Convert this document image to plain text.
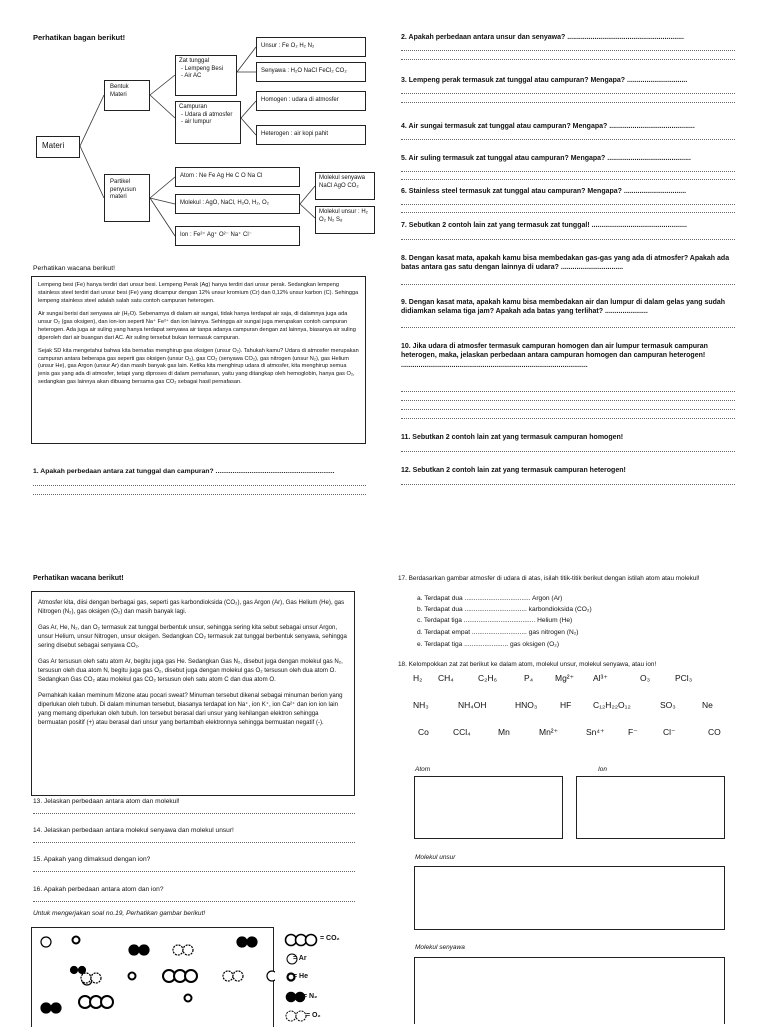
Perhatikan bagan berikut!
Materi
Bentuk Materi
Zat tunggal
- Lempeng Besi
- Air AC
Campuran
- Udara di atmosfer
- air lumpur
Unsur : Fe O₂ H₂ N₂
Senyawa : H₂O NaCl FeCl₂ CO₂
Homogen : udara di atmosfer
Heterogen : air kopi pahit
Partikel penyusun materi
Atom : Ne Fe Ag He C O Na Cl
Molekul : AgO, NaCl, H₂O, H₂, O₂
Ion : Fe²⁺ Ag⁺ O²⁻ Na⁺ Cl⁻
Molekul senyawa NaCl AgO CO₂
Molekul unsur : H₂ O₂ N₂ S₈
Perhatikan wacana berikut!

Lempeng besi (Fe) hanya terdiri dari unsur besi. Lempeng Perak (Ag) hanya terdiri dari unsur perak. Sedangkan lempeng stainless steel terdiri dari unsur besi (Fe) yang dicampur dengan 12% unsur kromium (Cr) dan 0,12% unsur karbon (C). Sehingga lempeng stainless steel adalah salah satu contoh campuran heterogen.

Air sungai berisi dari senyawa air (H₂O). Sebenarnya di dalam air sungai, tidak hanya terdapat air saja, di dalamnya juga ada unsur O₂ (gas oksigen), dan ion-ion seperti Na⁺ Fe²⁺ dan ion lainnya. Sehingga air sungai juga merupakan contoh campuran heterogen. Ada juga air suling yang hanya terdapat senyawa air tanpa adanya campuran dengan zat lainnya, biasanya air suling diperoleh dari air buangan dari AC. Air suling tersebut bukan termasuk campuran.

Sejak SD kita mengetahui bahwa kita bernafas menghirup gas oksigen (unsur O₂). Tahukah kamu? Udara di atmosfer merupakan campuran antara beberapa gas seperti gas oksigen (unsur O₂), gas CO₂ (senyawa CO₂), gas nitrogen (unsur N₂), gas Helium (unsur He), gas Argon (unsur Ar) dan masih banyak gas lain. Ketika kita menghirup udara di atmosfer, kita menghirup semua jenis gas yang ada di atmosfer, tetapi yang diproses di dalam pernafasan, yaitu yang ditangkap oleh hemoglobin, hanya gas O₂, sedangkan gas lainnya akan dibuang bersama gas CO₂ sebagai hasil pernafasan.

1. Apakah perbedaan antara zat tunggal dan campuran? ...............................................................
2. Apakah perbedaan antara unsur dan senyawa? ............................................................
3. Lempeng perak termasuk zat tunggal atau campuran? Mengapa? ...............................
4. Air sungai termasuk zat tunggal atau campuran? Mengapa? ............................................
5. Air suling termasuk zat tunggal atau campuran? Mengapa? ...........................................
6. Stainless steel termasuk zat tunggal atau campuran? Mengapa? ................................
7. Sebutkan 2 contoh lain zat yang termasuk zat tunggal! .................................................
8. Dengan kasat mata, apakah kamu bisa membedakan gas-gas yang ada di atmosfer? Apakah ada batas antara gas satu dengan lainnya di udara? ................................
9. Dengan kasat mata, apakah kamu bisa membedakan air dan lumpur di dalam gelas yang sudah didiamkan selama tiga jam? Apakah ada batas yang terlihat? ......................
10. Jika udara di atmosfer termasuk campuran homogen dan air lumpur termasuk campuran heterogen, maka, jelaskan perbedaan antara campuran homogen dan campuran heterogen! ................................................................................................
11. Sebutkan 2 contoh lain zat yang termasuk campuran homogen!
12. Sebutkan 2 contoh lain zat yang termasuk campuran heterogen!
Perhatikan wacana berikut!

Atmosfer kita, diisi dengan berbagai gas, seperti gas karbondioksida (CO₂), gas Argon (Ar), Gas Helium (He), gas Nitrogen (N₂), gas oksigen (O₂) dan masih banyak lagi.

Gas Ar, He, N₂, dan O₂ termasuk zat tunggal berbentuk unsur, sehingga sering kita sebut sebagai unsur Argon, unsur Helium, unsur Nitrogen, unsur oksigen. Sedangkan CO₂ termasuk zat tunggal berbentuk senyawa, sehingga sering disebut sebagai senyawa CO₂.

Gas Ar tersusun oleh satu atom Ar, begitu juga gas He. Sedangkan Gas N₂, disebut juga dengan molekul gas N₂, tersusun oleh dua atom N, begitu juga gas O₂, disebut juga dengan molekul gas O₂ tersusun oleh dua atom O. Sedangkan Gas CO₂ atau molekul gas CO₂ tersusun oleh satu atom C dan dua atom O.

Pernahkah kalian meminum Mizone atau pocari sweat? Minuman tersebut dikenal sebagai minuman berion yang diperlukan oleh tubuh. Di dalam minuman tersebut, biasanya terdapat ion Na⁺, ion K⁺, ion Ca²⁺ dan ion ion lain yang memang diperlukan oleh tubuh. Ion tersebut berasal dari unsur yang kehilangan elektron sehingga bermuatan positif (+) atau berasal dari unsur yang bertambah elektronnya sehingga bermuatan negatif (-).

13. Jelaskan perbedaan antara atom dan molekul!
14. Jelaskan perbedaan antara molekul senyawa dan molekul unsur!
15. Apakah yang dimaksud dengan ion?
16. Apakah perbedaan antara atom dan ion?
Untuk mengerjakan soal no.19, Perhatikan gambar berikut!
= CO₂
= Ar
= He
= N₂
= O₂
17. Berdasarkan gambar atmosfer di udara di atas, isilah titik-titik berikut dengan istilah atom atau molekul!
a. Terdapat dua .................................... Argon (Ar)
b. Terdapat dua .................................. karbondioksida (CO₂)
c. Terdapat tiga ....................................... Helium (He)
d. Terdapat empat .............................. gas nitrogen (N₂)
e. Terdapat tiga ........................ gas oksigen (O₂)
18. Kelompokkan zat zat berikut ke dalam atom, molekul unsur, molekul senyawa, atau ion!
H₂ CH₄	C₂H₆	P₄	Mg²⁺ Al³⁺	O₃	PCl₃
NH₃	NH₄OH	HNO₃	HF	C₁₂H₂₂O₁₂	SO₃	Ne
Co	CCl₄	Mn	Mn²⁺	Sn⁴⁺	F⁻	Cl⁻	CO
Atom	Ion
Molekul unsur
Molekul senyawa
